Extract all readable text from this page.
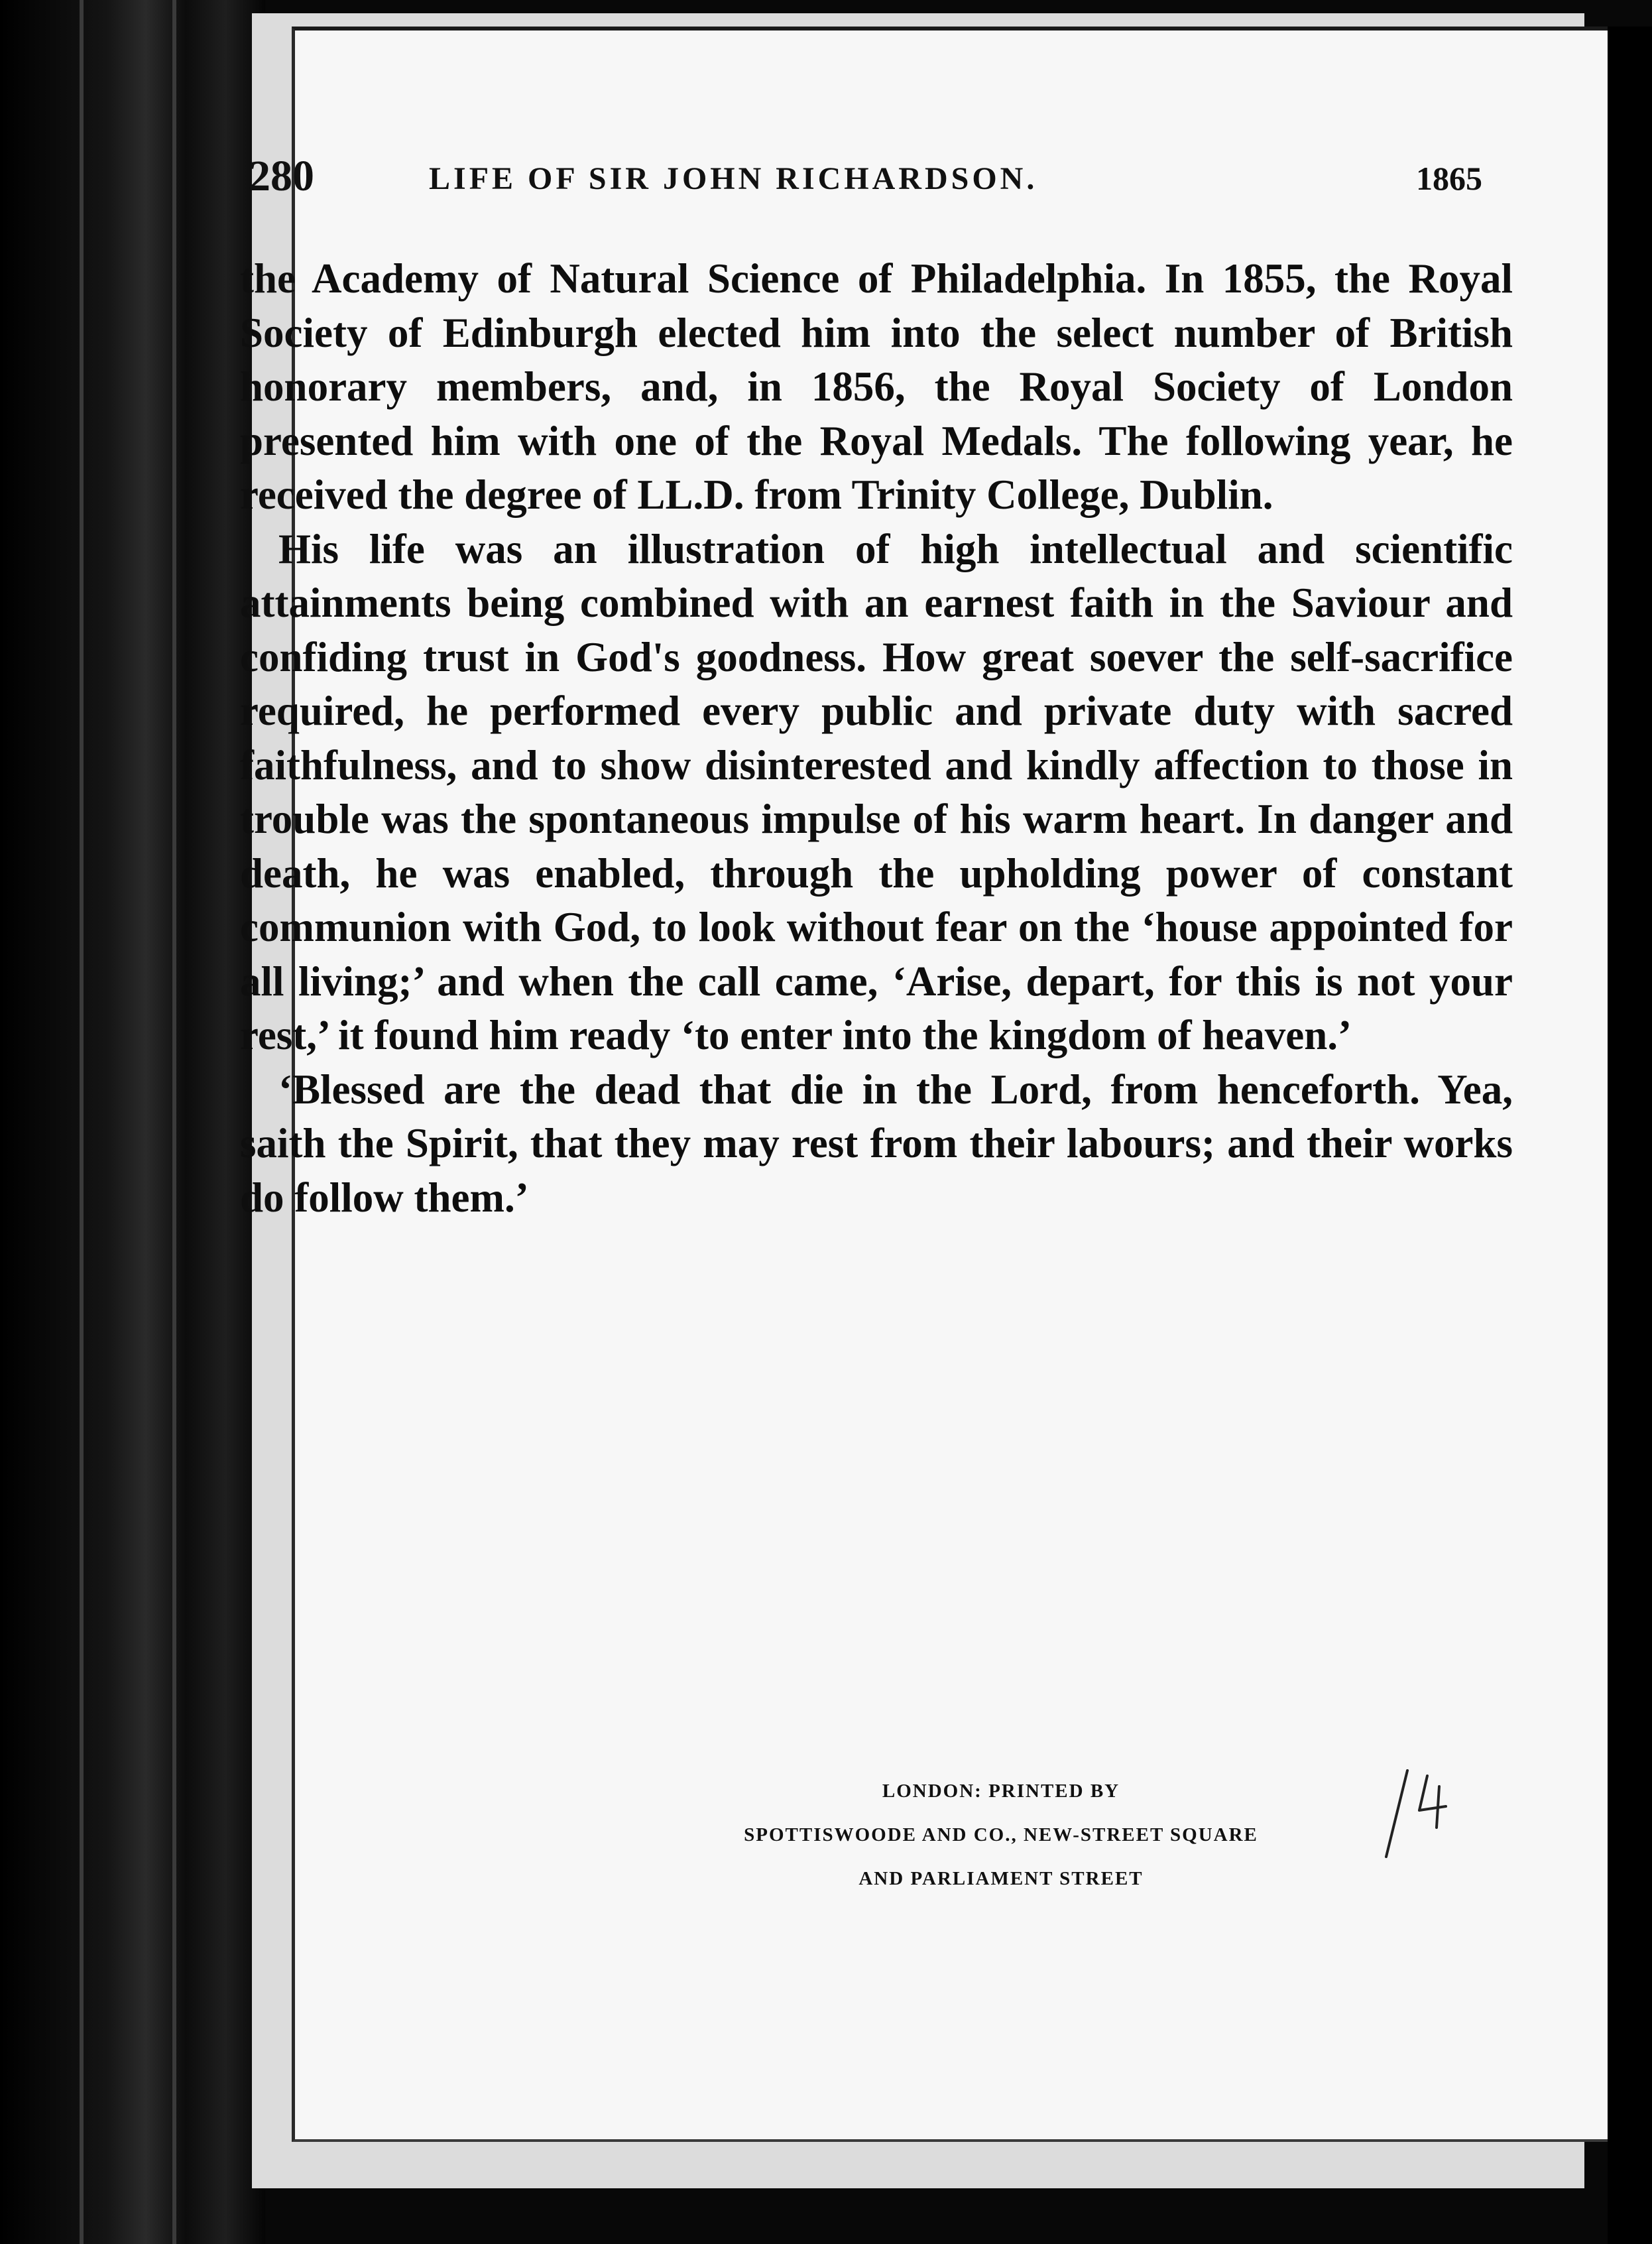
280	LIFE OF SIR JOHN RICHARDSON.	1865

the Academy of Natural Science of Philadelphia. In 1855, the Royal Society of Edinburgh elected him into the select number of British honorary members, and, in 1856, the Royal Society of London presented him with one of the Royal Medals. The following year, he received the degree of LL.D. from Trinity College, Dublin.

His life was an illustration of high intellectual and scientific attainments being combined with an earnest faith in the Saviour and confiding trust in God's goodness. How great soever the self-sacrifice required, he performed every public and private duty with sacred faithfulness, and to show disinterested and kindly affection to those in trouble was the spontaneous impulse of his warm heart. In danger and death, he was enabled, through the upholding power of constant communion with God, to look without fear on the ‘house appointed for all living;’ and when the call came, ‘Arise, depart, for this is not your rest,’ it found him ready ‘to enter into the kingdom of heaven.’

‘Blessed are the dead that die in the Lord, from henceforth. Yea, saith the Spirit, that they may rest from their labours; and their works do follow them.’

LONDON: PRINTED BY
SPOTTISWOODE AND CO., NEW-STREET SQUARE
AND PARLIAMENT STREET
